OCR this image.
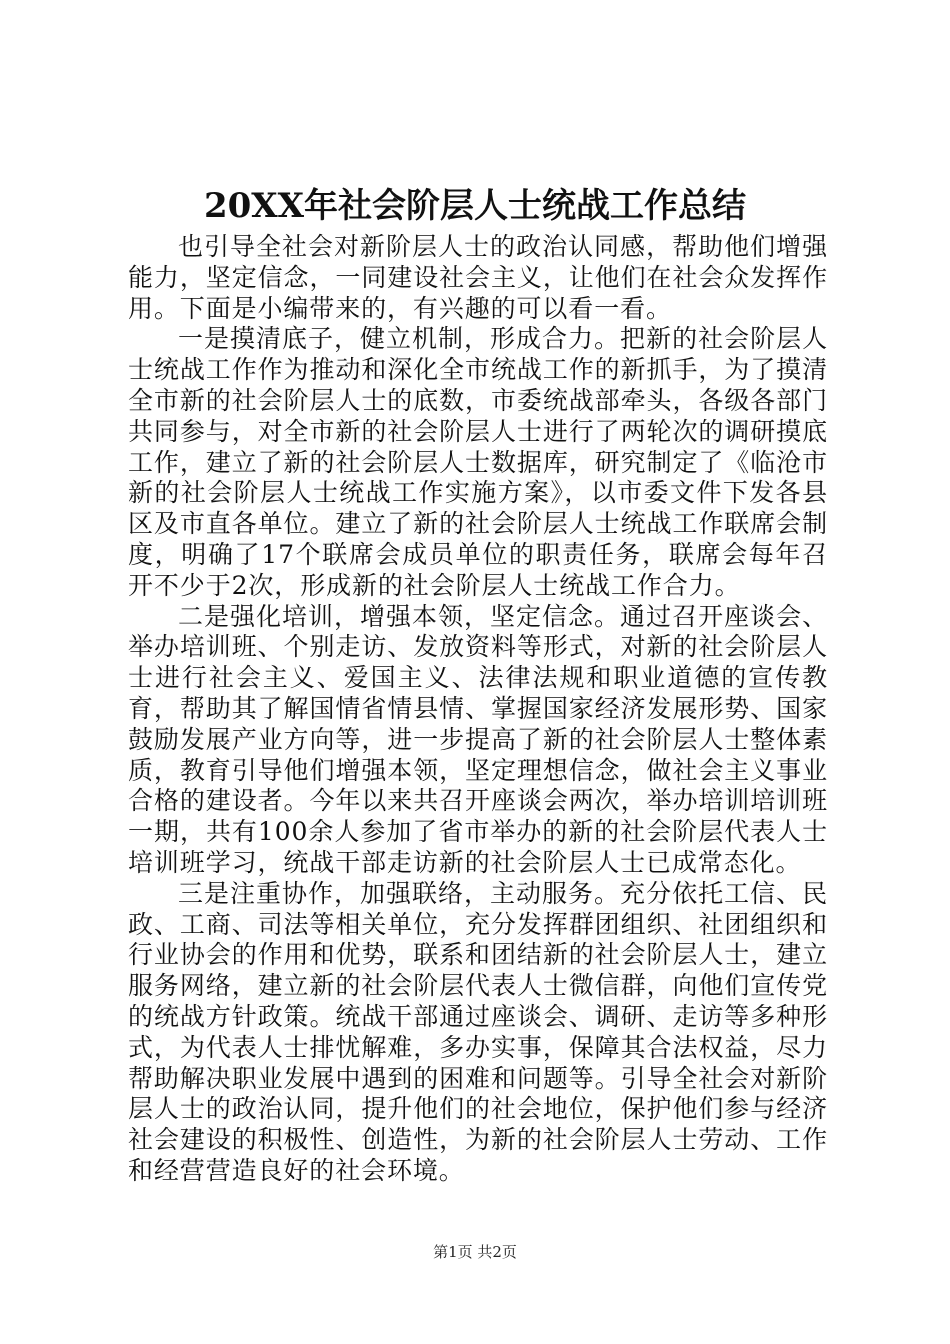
20XX年社会阶层人士统战工作总结

也引导全社会对新阶层人士的政治认同感，帮助他们增强能力，坚定信念，一同建设社会主义，让他们在社会众发挥作用。下面是小编带来的，有兴趣的可以看一看。

一是摸清底子，健立机制，形成合力。把新的社会阶层人士统战工作作为推动和深化全市统战工作的新抓手，为了摸清全市新的社会阶层人士的底数，市委统战部牵头，各级各部门共同参与，对全市新的社会阶层人士进行了两轮次的调研摸底工作，建立了新的社会阶层人士数据库，研究制定了《临沧市新的社会阶层人士统战工作实施方案》，以市委文件下发各县区及市直各单位。建立了新的社会阶层人士统战工作联席会制度，明确了17个联席会成员单位的职责任务，联席会每年召开不少于2次，形成新的社会阶层人士统战工作合力。

二是强化培训，增强本领，坚定信念。通过召开座谈会、举办培训班、个别走访、发放资料等形式，对新的社会阶层人士进行社会主义、爱国主义、法律法规和职业道德的宣传教育，帮助其了解国情省情县情、掌握国家经济发展形势、国家鼓励发展产业方向等，进一步提高了新的社会阶层人士整体素质，教育引导他们增强本领，坚定理想信念，做社会主义事业合格的建设者。今年以来共召开座谈会两次，举办培训培训班一期，共有100余人参加了省市举办的新的社会阶层代表人士培训班学习，统战干部走访新的社会阶层人士已成常态化。

三是注重协作，加强联络，主动服务。充分依托工信、民政、工商、司法等相关单位，充分发挥群团组织、社团组织和行业协会的作用和优势，联系和团结新的社会阶层人士，建立服务网络，建立新的社会阶层代表人士微信群，向他们宣传党的统战方针政策。统战干部通过座谈会、调研、走访等多种形式，为代表人士排忧解难，多办实事，保障其合法权益，尽力帮助解决职业发展中遇到的困难和问题等。引导全社会对新阶层人士的政治认同，提升他们的社会地位，保护他们参与经济社会建设的积极性、创造性，为新的社会阶层人士劳动、工作和经营营造良好的社会环境。

第1页 共2页
